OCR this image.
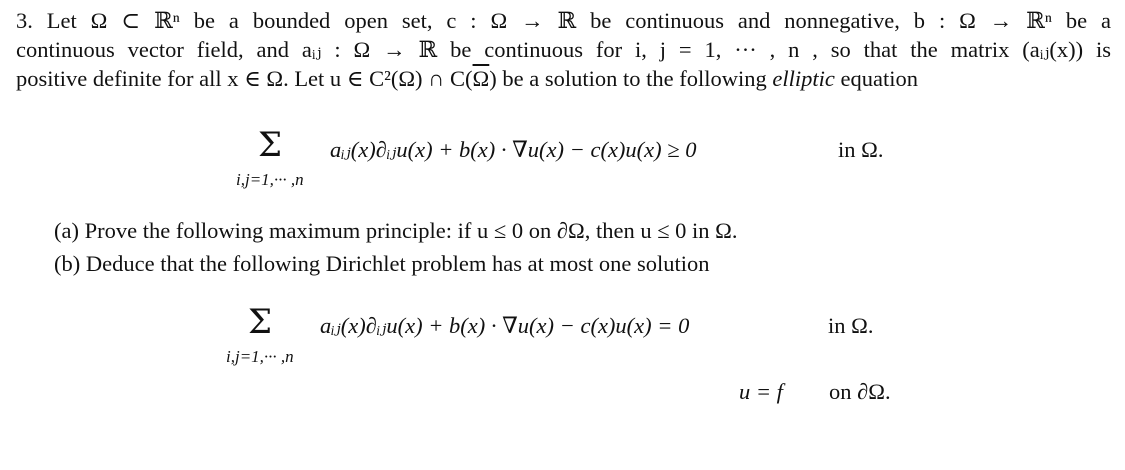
3. Let Ω ⊂ ℝⁿ be a bounded open set, c : Ω → ℝ be continuous and nonnegative, b : Ω → ℝⁿ be a
continuous vector field, and aᵢⱼ : Ω → ℝ be continuous for i, j = 1, ··· , n , so that the matrix (aᵢⱼ(x)) is
positive definite for all x ∈ Ω. Let u ∈ C²(Ω) ∩ $C(\overline{\Omega})$ be a solution to the following elliptic equation
Σ
i,j=1,··· ,n
aᵢⱼ(x)∂ᵢⱼu(x) + b(x) · ∇u(x) − c(x)u(x) ≥ 0	in Ω.
(a) Prove the following maximum principle: if u ≤ 0 on ∂Ω, then u ≤ 0 in Ω.
(b) Deduce that the following Dirichlet problem has at most one solution
Σ
i,j=1,··· ,n
aᵢⱼ(x)∂ᵢⱼu(x) + b(x) · ∇u(x) − c(x)u(x) = 0	in Ω.
u = f on ∂Ω.
